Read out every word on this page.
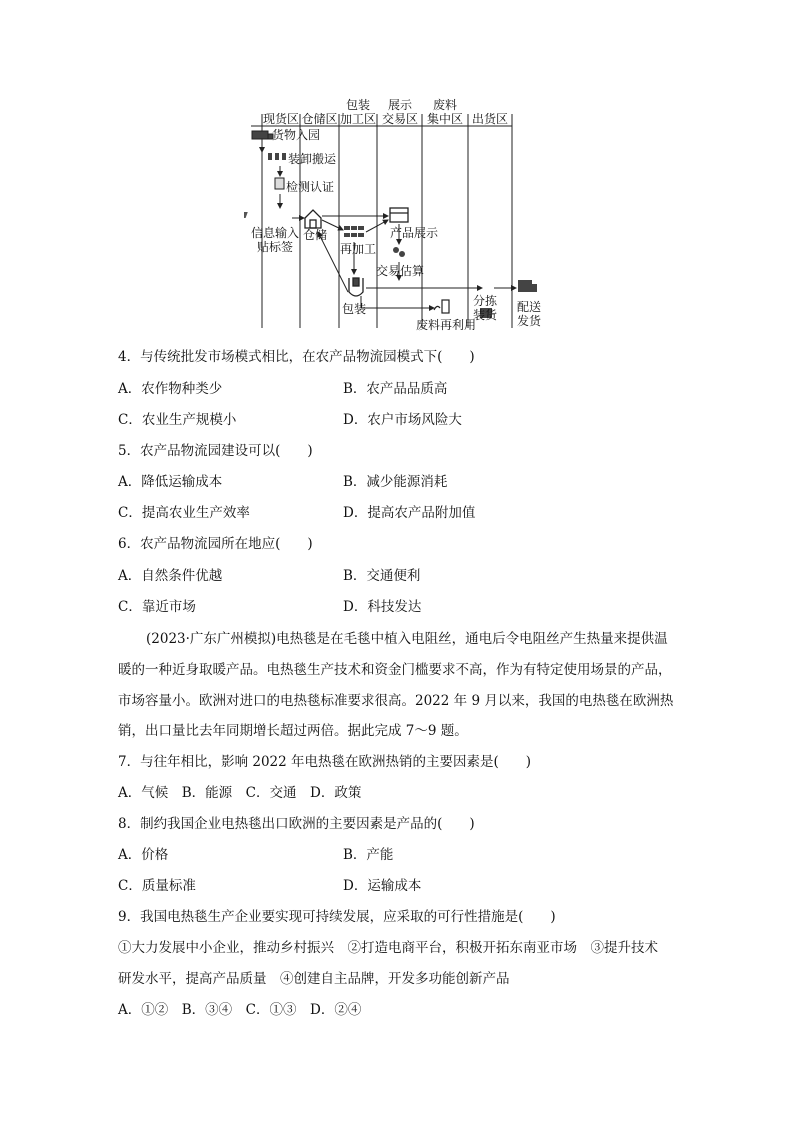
包装
加工区
展示
交易区
废料
集中区
现货区 仓储区	出货区
货物入园
装卸搬运
检测认证
信息输入
贴标签
仓储
再加工
产品展示
交易估算
包装
废料再利用
分拣
装货
配送
发货
4．与传统批发市场模式相比，在农产品物流园模式下(　　)
A．农作物种类少	B．农产品品质高
C．农业生产规模小	D．农户市场风险大
5．农产品物流园建设可以(　　)
A．降低运输成本	B．减少能源消耗
C．提高农业生产效率	D．提高农产品附加值
6．农产品物流园所在地应(　　)
A．自然条件优越	B．交通便利
C．靠近市场	D．科技发达
(2023·广东广州模拟)电热毯是在毛毯中植入电阻丝，通电后令电阻丝产生热量来提供温
暖的一种近身取暖产品。电热毯生产技术和资金门槛要求不高，作为有特定使用场景的产品，
市场容量小。欧洲对进口的电热毯标准要求很高。2022 年 9 月以来，我国的电热毯在欧洲热
销，出口量比去年同期增长超过两倍。据此完成 7～9 题。
7．与往年相比，影响 2022 年电热毯在欧洲热销的主要因素是(　　)
A．气候　B．能源　C．交通　D．政策
8．制约我国企业电热毯出口欧洲的主要因素是产品的(　　)
A．价格	B．产能
C．质量标准	D．运输成本
9．我国电热毯生产企业要实现可持续发展，应采取的可行性措施是(　　)
①大力发展中小企业，推动乡村振兴　②打造电商平台，积极开拓东南亚市场　③提升技术
研发水平，提高产品质量　④创建自主品牌，开发多功能创新产品
A．①②　B．③④　C．①③　D．②④
